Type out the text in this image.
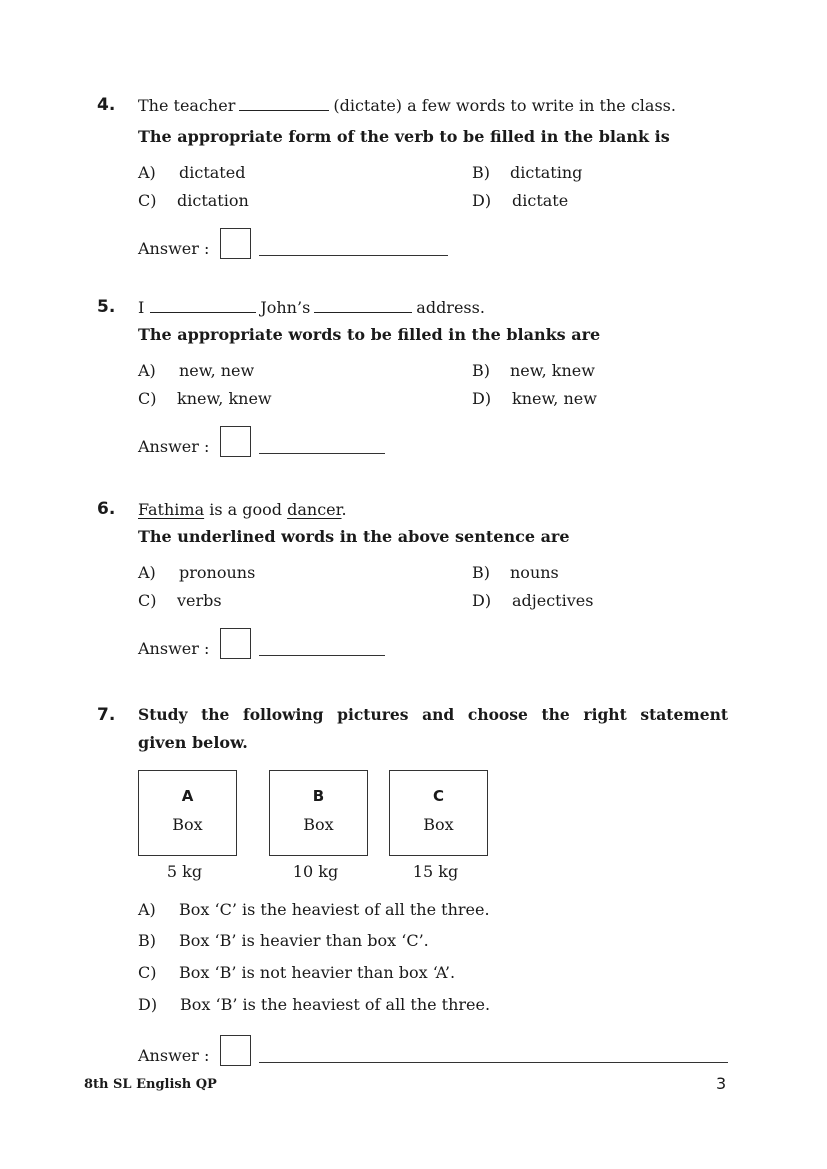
4. The teacher	(dictate) a few words to write in the class.
The appropriate form of the verb to be filled in the blank is
A) dictated	B) dictating
C) dictation	D) dictate
Answer :
5. I	John’s	address.
The appropriate words to be filled in the blanks are
A) new, new	B) new, knew
C) knew, knew	D) knew, new
Answer :
6. Fathima is a good dancer.
The underlined words in the above sentence are
A) pronouns	B) nouns
C) verbs	D) adjectives
Answer :
7. Study the following pictures and choose the right statement
given below.
A
Box
B
Box
C
Box
5 kg	10 kg	15 kg
A) Box ‘C’ is the heaviest of all the three.
B) Box ‘B’ is heavier than box ‘C’.
C) Box ‘B’ is not heavier than box ‘A’.
D) Box ‘B’ is the heaviest of all the three.
Answer :
8th SL English QP	3
